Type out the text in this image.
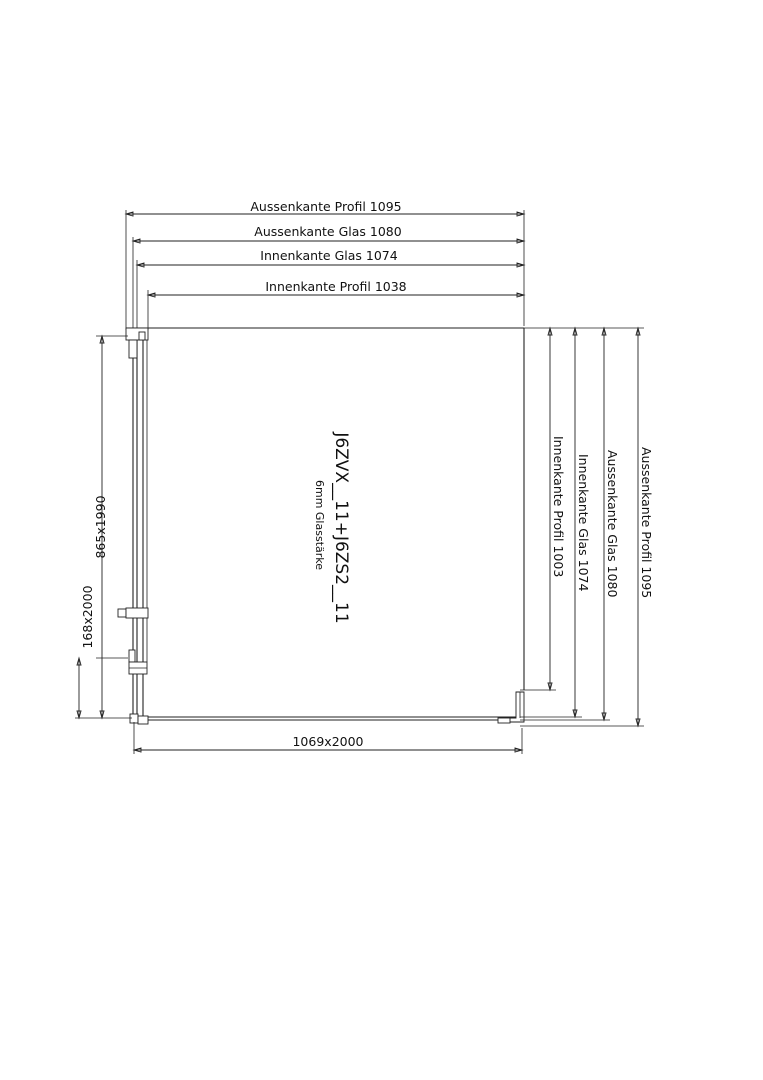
Aussenkante Profil 1095
Aussenkante Glas 1080
Innenkante Glas 1074
Innenkante Profil 1038
Innenkante Profil 1003 Innenkante Glas 1074 Aussenkante Glas 1080 Aussenkante Profil 1095
865x1990
168x2000
1069x2000
J6ZVX__11+J6ZS2__11
6mm Glasstärke
